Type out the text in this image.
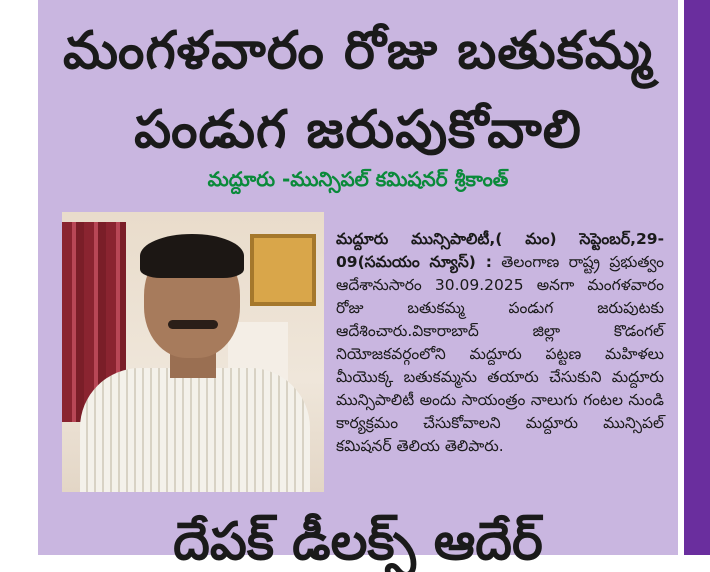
మంగళవారం రోజు బతుకమ్మ
పండుగ జరుపుకోవాలి
మద్దూరు -మున్సిపల్ కమిషనర్ శ్రీకాంత్
మద్దూరు మున్సిపాలిటీ,( మం) సెప్టెంబర్,29-09(సమయం న్యూస్) : తెలంగాణ రాష్ట్ర ప్రభుత్వం ఆదేశానుసారం 30.09.2025 అనగా మంగళవారం రోజు బతుకమ్మ పండుగ జరుపుటకు ఆదేశించారు.వికారాబాద్ జిల్లా కొడంగల్ నియోజకవర్గంలోని మద్దూరు పట్టణ మహిళలు మీయొక్క బతుకమ్మను తయారు చేసుకుని మద్దూరు మున్సిపాలిటీ అందు సాయంత్రం నాలుగు గంటల నుండి కార్యక్రమం చేసుకోవాలని మద్దూరు మున్సిపల్ కమిషనర్ తెలియ తెలిపారు.
దేపక్ డీలక్స్ ఆదేర్
